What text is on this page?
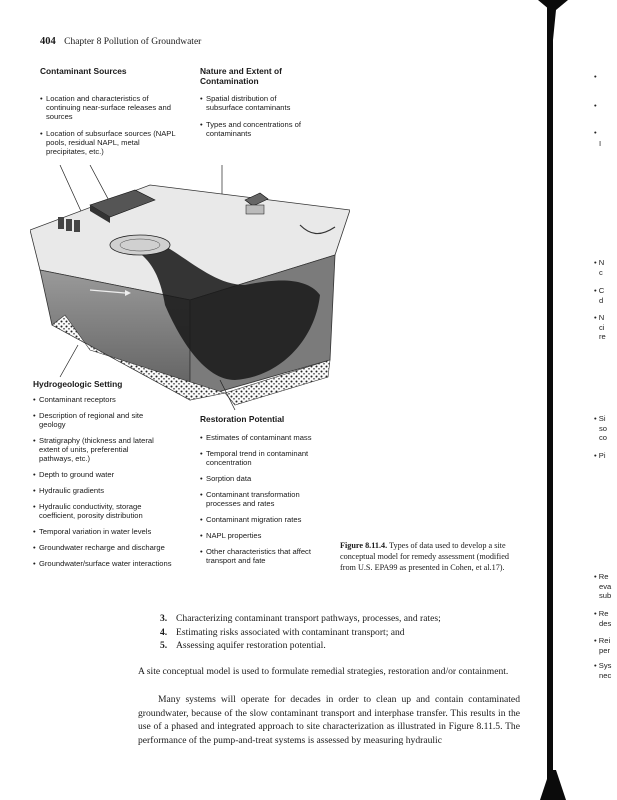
404 Chapter 8 Pollution of Groundwater
Contaminant Sources
• Location and characteristics of continuing near-surface releases and sources
• Location of subsurface sources (NAPL pools, residual NAPL, metal precipitates, etc.)
Nature and Extent of Contamination
• Spatial distribution of subsurface contaminants
• Types and concentrations of contaminants
Hydrogeologic Setting
• Contaminant receptors
• Description of regional and site geology
• Stratigraphy (thickness and lateral extent of units, preferential pathways, etc.)
• Depth to ground water
• Hydraulic gradients
• Hydraulic conductivity, storage coefficient, porosity distribution
• Temporal variation in water levels
• Groundwater recharge and discharge
• Groundwater/surface water interactions
Restoration Potential
• Estimates of contaminant mass
• Temporal trend in contaminant concentration
• Sorption data
• Contaminant transformation processes and rates
• Contaminant migration rates
• NAPL properties
• Other characteristics that affect transport and fate
Figure 8.11.4. Types of data used to develop a site conceptual model for remedy assessment (modified from U.S. EPA99 as presented in Cohen, et al.17).
3. Characterizing contaminant transport pathways, processes, and rates;
4. Estimating risks associated with contaminant transport; and
5. Assessing aquifer restoration potential.

A site conceptual model is used to formulate remedial strategies, restoration and/or containment.

Many systems will operate for decades in order to clean up and contain contaminated groundwater, because of the slow contaminant transport and interphase transfer. This results in the use of a phased and integrated approach to site characterization as illustrated in Figure 8.11.5. The performance of the pump-and-treat systems is assessed by measuring hydraulic

•
•
•
I
• N
c
• C
d
• N
ci
re
• Si
so
co
• Pi
• Re
eva
sub
• Re
des
• Rei
per
• Sys
nec
